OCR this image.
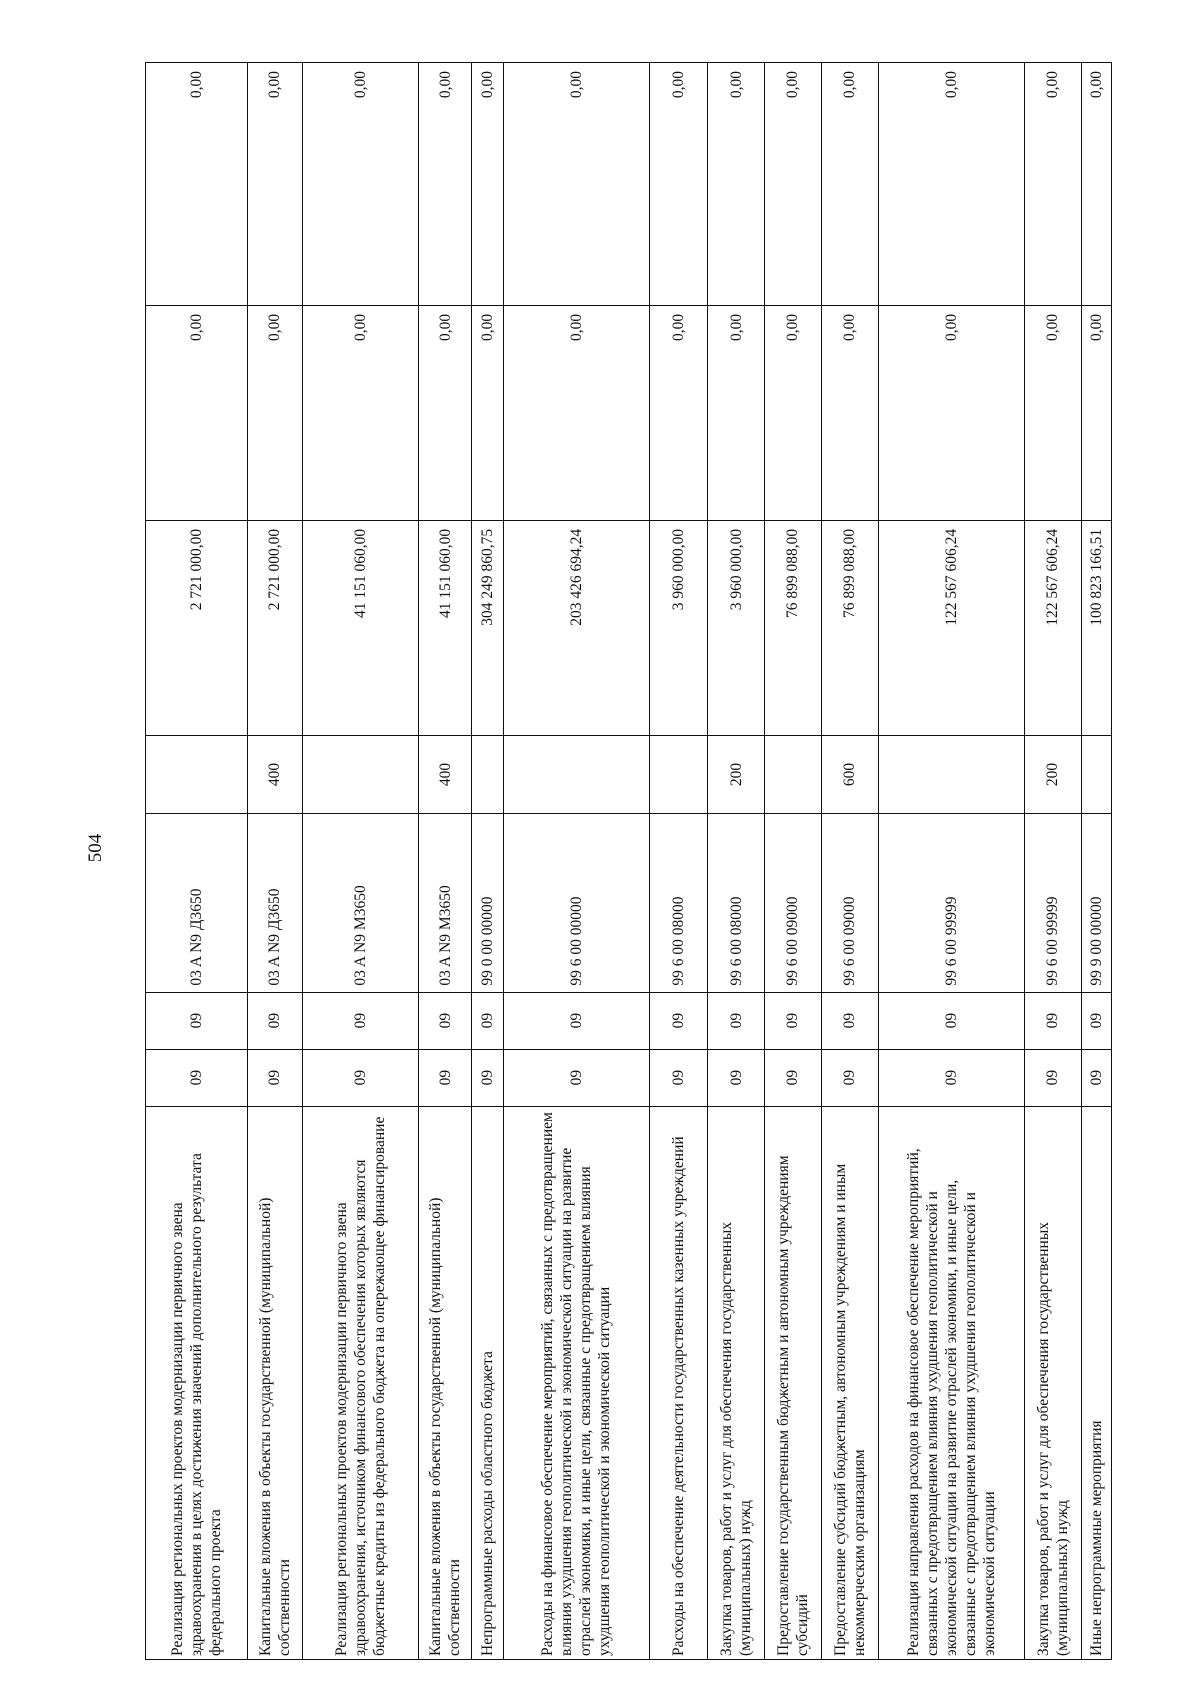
504
Реализация региональных проектов модернизации первичного звена здравоохранения в целях достижения значений дополнительного результата федерального проекта	09	09	03 A N9 Д3650		2 721 000,00	0,00	0,00
Капитальные вложения в объекты государственной (муниципальной) собственности	09	09	03 A N9 Д3650	400	2 721 000,00	0,00	0,00
Реализация региональных проектов модернизации первичного звена здравоохранения, источником финансового обеспечения которых являются бюджетные кредиты из федерального бюджета на опережающее финансирование	09	09	03 A N9 M3650		41 151 060,00	0,00	0,00
Капитальные вложения в объекты государственной (муниципальной) собственности	09	09	03 A N9 M3650	400	41 151 060,00	0,00	0,00
Непрограммные расходы областного бюджета	09	09	99 0 00 00000		304 249 860,75	0,00	0,00
Расходы на финансовое обеспечение мероприятий, связанных с предотвращением влияния ухудшения геополитической и экономической ситуации на развитие отраслей экономики, и иные цели, связанные с предотвращением влияния ухудшения геополитической и экономической ситуации	09	09	99 6 00 00000		203 426 694,24	0,00	0,00
Расходы на обеспечение деятельности государственных казенных учреждений	09	09	99 6 00 08000		3 960 000,00	0,00	0,00
Закупка товаров, работ и услуг для обеспечения государственных (муниципальных) нужд	09	09	99 6 00 08000	200	3 960 000,00	0,00	0,00
Предоставление государственным бюджетным и автономным учреждениям субсидий	09	09	99 6 00 09000		76 899 088,00	0,00	0,00
Предоставление субсидий бюджетным, автономным учреждениям и иным некоммерческим организациям	09	09	99 6 00 09000	600	76 899 088,00	0,00	0,00
Реализация направления расходов на финансовое обеспечение мероприятий, связанных с предотвращением влияния ухудшения геополитической и экономической ситуации на развитие отраслей экономики, и иные цели, связанные с предотвращением влияния ухудшения геополитической и экономической ситуации	09	09	99 6 00 99999		122 567 606,24	0,00	0,00
Закупка товаров, работ и услуг для обеспечения государственных (муниципальных) нужд	09	09	99 6 00 99999	200	122 567 606,24	0,00	0,00
Иные непрограммные мероприятия	09	09	99 9 00 00000		100 823 166,51	0,00	0,00
